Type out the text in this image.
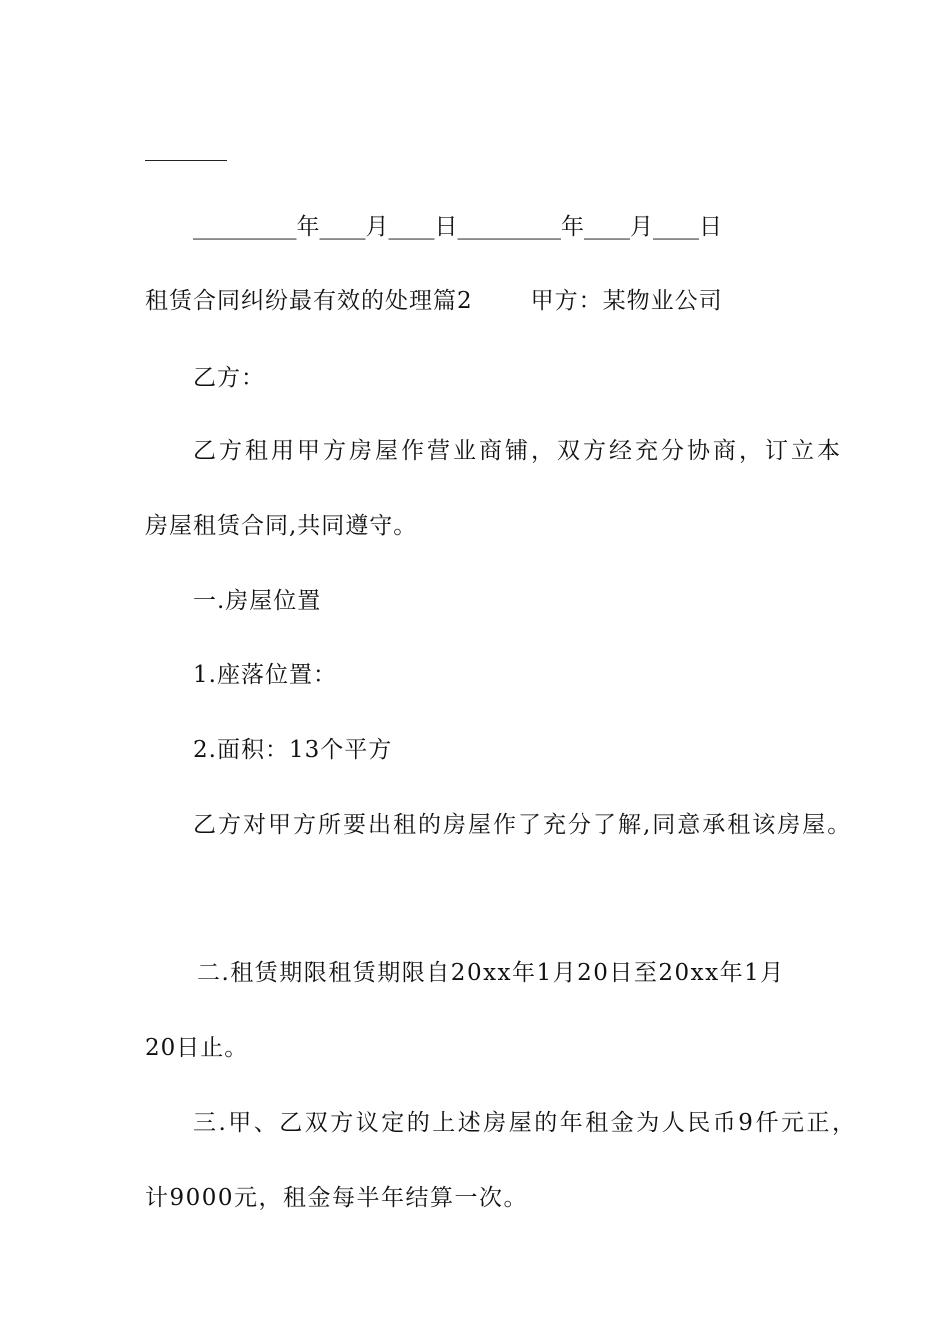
_________年____月____日_________年____月____日
租赁合同纠纷最有效的处理篇2	甲方：某物业公司
乙方：
乙方租用甲方房屋作营业商铺，双方经充分协商，订立本
房屋租赁合同,共同遵守。
一.房屋位置
1.座落位置：
2.面积：13个平方
乙方对甲方所要出租的房屋作了充分了解,同意承租该房屋。
二.租赁期限租赁期限自20xx年1月20日至20xx年1月
20日止。
三.甲、乙双方议定的上述房屋的年租金为人民币9仟元正，
计9000元，租金每半年结算一次。
